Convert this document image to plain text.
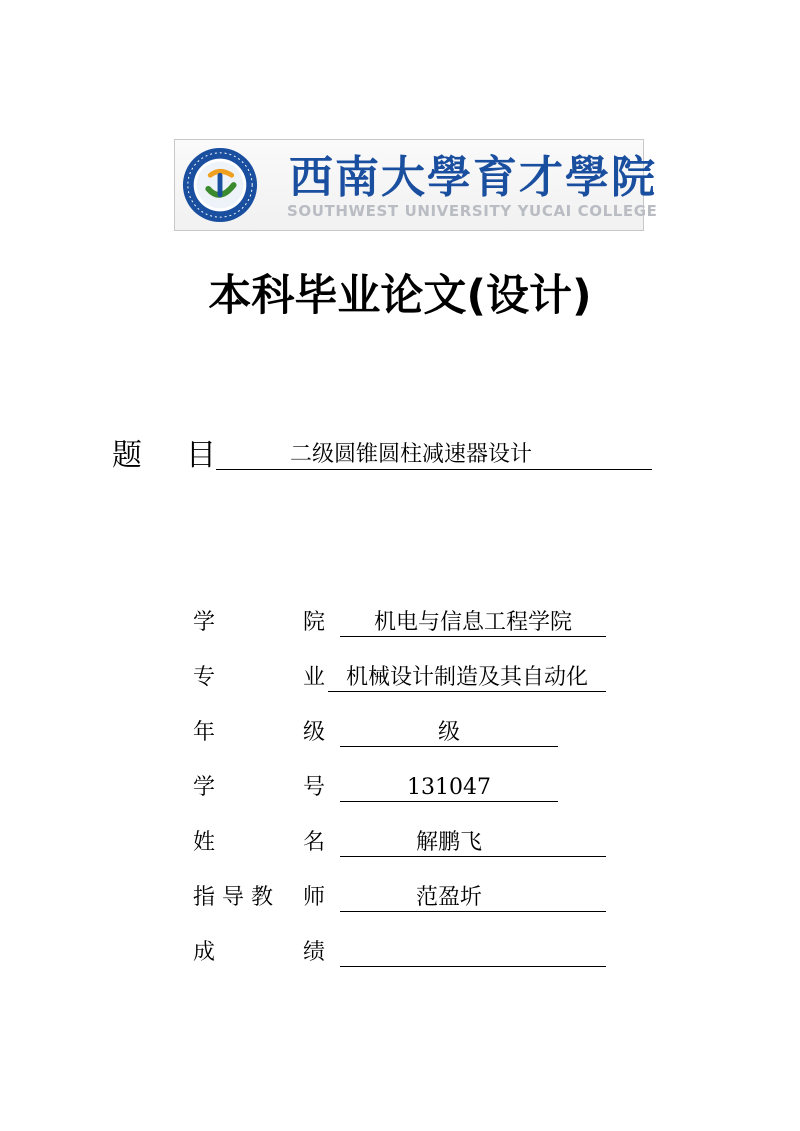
西南大學育才學院
SOUTHWEST UNIVERSITY YUCAI COLLEGE
本科毕业论文(设计)
题 目	二级圆锥圆柱减速器设计
学	院	机电与信息工程学院
专	业 机械设计制造及其自动化
年	级	级
学	号	131047
姓	名	解鹏飞
指 导 教 师	范盈圻
成	绩
